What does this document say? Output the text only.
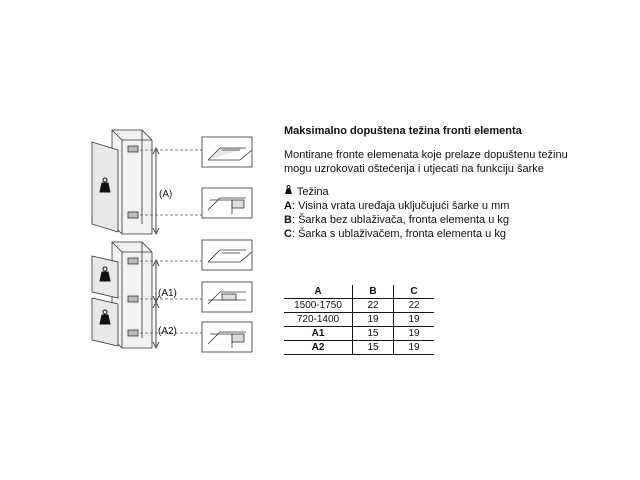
(A)
(A1)
(A2)
Maksimalno dopuštena težina fronti elementa
Montirane fronte elemenata koje prelaze dopuštenu težinu mogu uzrokovati oštećenja i utjecati na funkciju šarke
Težina
A: Visina vrata uređaja uključujući šarke u mm
B: Šarka bez ublaživača, fronta elementa u kg
C: Šarka s ublaživačem, fronta elementa u kg
A	B	C
1500-1750	22	22
720-1400	19	19
A1	15	19
A2	15	19
